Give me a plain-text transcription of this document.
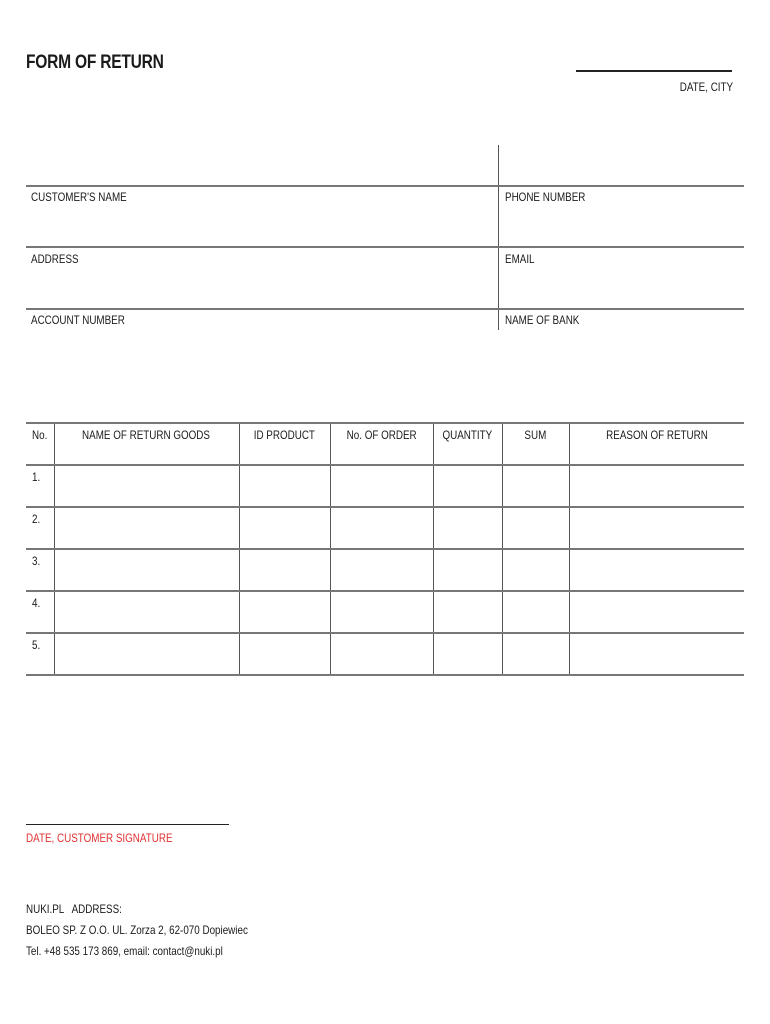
FORM OF RETURN
DATE, CITY
CUSTOMER'S NAME	PHONE NUMBER
ADDRESS	EMAIL
ACCOUNT NUMBER	NAME OF BANK
No.	NAME OF RETURN GOODS	ID PRODUCT	No. OF ORDER	QUANTITY	SUM	REASON OF RETURN

1.						

2.						

3.						

4.						

5.						

DATE, CUSTOMER SIGNATURE
NUKI.PL   ADDRESS:
BOLEO SP. Z O.O. UL. Zorza 2, 62-070 Dopiewiec
Tel. +48 535 173 869, email: contact@nuki.pl
